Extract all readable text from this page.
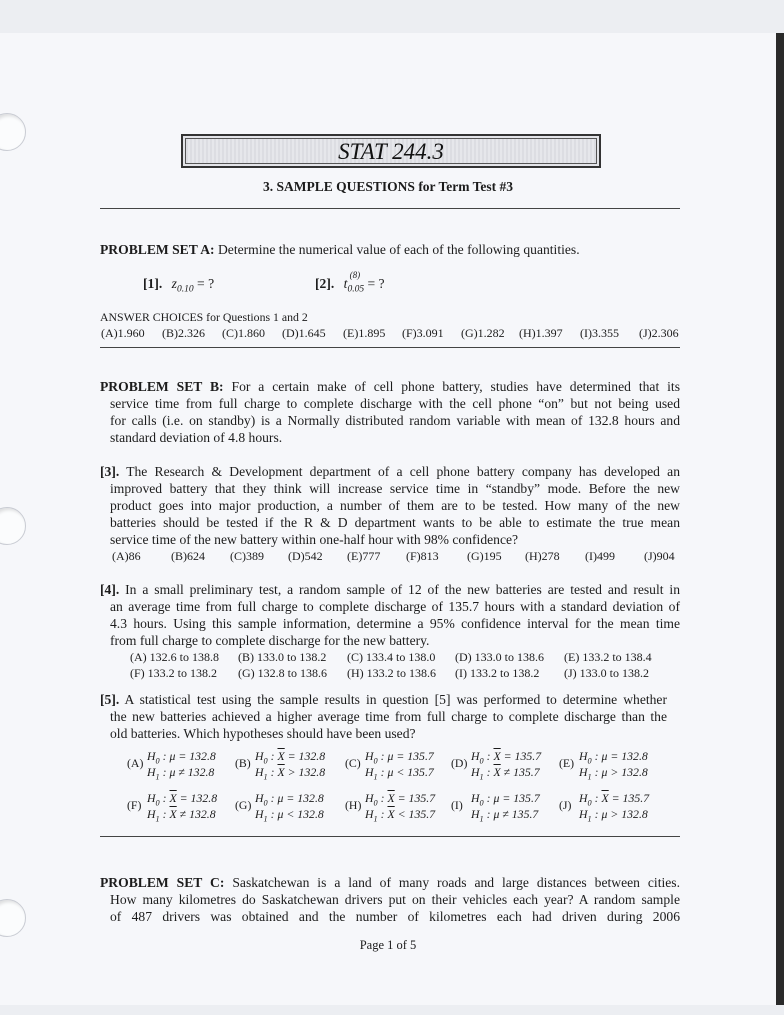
STAT 244.3
3. SAMPLE QUESTIONS for Term Test #3
PROBLEM SET A: Determine the numerical value of each of the following quantities.
[1]. $z_{0.10}$ = ?	[2]. t
(8)
$_{0.05}$ = ?
ANSWER CHOICES for Questions 1 and 2
(A)1.960 (B)2.326 (C)1.860 (D)1.645 (E)1.895 (F)3.091 (G)1.282 (H)1.397 (I)3.355 (J)2.306
PROBLEM SET B: For a certain make of cell phone battery, studies have determined that its
service time from full charge to complete discharge with the cell phone “on” but not being used
for calls (i.e. on standby) is a Normally distributed random variable with mean of 132.8 hours and
standard deviation of 4.8 hours.
[3]. The Research & Development department of a cell phone battery company has developed an
improved battery that they think will increase service time in “standby” mode. Before the new
product goes into major production, a number of them are to be tested. How many of the new
batteries should be tested if the R & D department wants to be able to estimate the true mean
service time of the new battery within one-half hour with 98% confidence?
(A)86	(B)624 (C)389 (D)542 (E)777 (F)813 (G)195 (H)278 (I)499 (J)904
[4]. In a small preliminary test, a random sample of 12 of the new batteries are tested and result in
an average time from full charge to complete discharge of 135.7 hours with a standard deviation of
4.3 hours. Using this sample information, determine a 95% confidence interval for the mean time
from full charge to complete discharge for the new battery.
(A) 132.6 to 138.8 (B) 133.0 to 138.2 (C) 133.4 to 138.0 (D) 133.0 to 138.6 (E) 133.2 to 138.4
(F) 133.2 to 138.2 (G) 132.8 to 138.6 (H) 133.2 to 138.6 (I) 133.2 to 138.2 (J) 133.0 to 138.2
[5]. A statistical test using the sample results in question [5] was performed to determine whether
the new batteries achieved a higher average time from full charge to complete discharge than the
old batteries. Which hypotheses should have been used?
(A) $H_0$ : μ = 132.8
$H_1$ : μ ≠ 132.8
(B) $H_0$ : $\overline{X} = 132.8$
$H_1$ : $\overline{X} > 132.8$
(C) $H_0$ : μ = 135.7
$H_1$ : μ < 135.7
(D) $H_0$ : $\overline{X} = 135.7$
$H_1$ : $\overline{X} \ne 135.7$
(E) $H_0$ : μ = 132.8
$H_1$ : μ > 132.8
(F) $H_0$ : $\overline{X} = 132.8$
$H_1$ : $\overline{X} \ne 132.8$
(G) $H_0$ : μ = 132.8
$H_1$ : μ < 132.8
(H) $H_0$ : $\overline{X} = 135.7$
$H_1$ : $\overline{X} < 135.7$
(I) $H_0$ : μ = 135.7
$H_1$ : μ ≠ 135.7
(J) $H_0$ : $\overline{X} = 135.7$
$H_1$ : μ > 132.8
PROBLEM SET C: Saskatchewan is a land of many roads and large distances between cities.
How many kilometres do Saskatchewan drivers put on their vehicles each year? A random sample
of 487 drivers was obtained and the number of kilometres each had driven during 2006
Page 1 of 5
